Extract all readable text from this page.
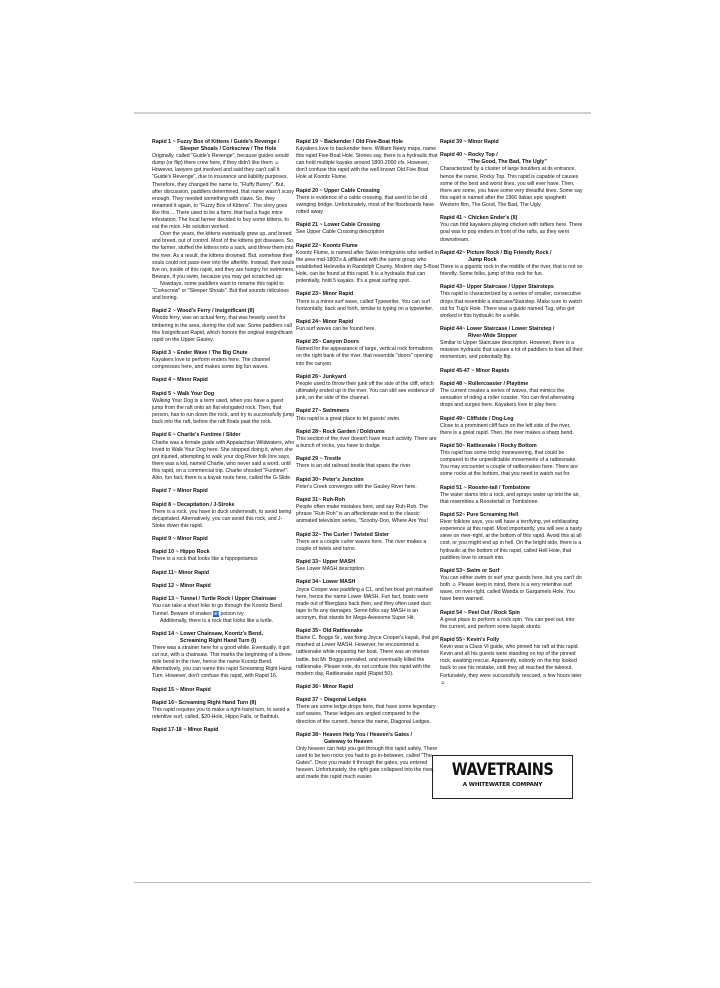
Rapid 1 ~ Fuzzy Box of Kittens / Guide's Revenge /
Sleeper Shoals / Corkscrew / The Hole

Originally, called "Guide's Revenge", because guides would dump (or flip) there crew here, if they didn't like them ☺ However, lawyers got involved and said they can't call it "Guide's Revenge", due to insurance and liability purposes. Therefore, they changed the name to, "Fluffy Bunny". But, after discussion, paddlers determined, that name wasn't scary enough. They needed something with claws. So, they renamed it again, to "Fuzzy Box of Kittens". The story goes like this… There used to be a farm, that had a huge mice infestation. The local farmer decided to buy some kittens, to eat the mice. His solution worked.

Over the years, the kittens eventually grew up, and breed and breed, out of control. Most of the kittens got diseases. So, the farmer, stuffed the kittens into a sack, and threw them into the river. As a result, the kittens drowned. But, somehow their souls could not pass-over into the afterlife. Instead, their souls live on, inside of this rapid, and they are hungry for swimmers. Beware, if you swim, because you may get scratched up.

Nowdays, some paddlers want to rename this rapid to "Corkscrew" or "Sleeper Shoals". But that sounds ridiculous and boring.

Rapid 2 ~ Wood's Ferry / Insignificant (II)

Woods ferry, was an actual ferry, that was heavily used for timbering in the area, during the civil war. Some paddlers call this Insignificant Rapid, which honors the original insignificant rapid on the Upper Gauley.

Rapid 3 ~ Ender Wave / The Big Chute

Kayakers love to perform enders here. The channel compresses here, and makes some big fun waves.

Rapid 4 ~ Minor Rapid
Rapid 5 ~ Walk Your Dog

Walking Your Dog is a term used, when you have a guest jump from the raft onto an flat elongated rock. Then, that person, has to run down the rock, and try to successfully jump back into the raft, before the raft floats past the rock.

Rapid 6 ~ Charlie's Funtime / Slider

Charlie was a female guide with Appalachian Wildwaters, who loved to Walk Your Dog here. She stopped doing it, when she got injuried, attempting to walk your dog.River folk lore says, there was a kid, named Charlie, who never said a word, until this rapid, on a commercial trip. Charlie shouted "Funtime!". Also, fun fact, there is a kayak route here, called the G-Slide.

Rapid 7 ~ Minor Rapid
Rapid 8 ~ Decapitation / J-Stroke

There is a rock, you have to duck underneath, to avoid being decapitated. Alternatively, you can avoid this rock, and J-Stoke down this rapid.

Rapid 9 ~ Minor Rapid
Rapid 10 ~ Hippo Rock

There is a rock that looks like a hippopotamus

Rapid 11~ Minor Rapid
Rapid 12 ~ Minor Rapid
Rapid 13 ~ Tunnel / Turtle Rock / Upper Chainsaw

You can take a short hike to go through the Koontz Bend Tunnel. Beware of snakes an poison ivy

Additionally, there is a rock that looks like a turtle.

Rapid 14 ~ Lower Chainsaw, Koontz's Bend,
Screaming Right Hand Turn (I)

There was a strainer here for a good while. Eventually, it got cut out, with a chainsaw. This marks the beginning of a three-mile bend in the river, hence the name Koontz Bend. Alternatively, you can name this rapid Screaming Right Hand Turn. However, don't confuse this rapid, with Rapid 16.

Rapid 15 ~ Minor Rapid
Rapid 16~ Screaming Right Hand Turn (II)

This rapid requires you to make a right-hand turn, to avoid a retentive surf, called, $20-Hole, Hippo Falls, or Bathtub.

Rapid 17-18 ~ Minor Rapid
Rapid 19 ~ Backender / Old Five-Boat Hole

Kayakers love to backender here. William Neely maps, name this rapid Five-Boat Hole. Stories say, there is a hydraulic that can hold multiple kayaks around 1800-2000 cfs. However, don't confuse this rapid with the well known Old Five Boat Hole at Koontz Flume.

Rapid 20 ~ Upper Cable Crossing

There is evidence of a cable crossing, that used to be old swinging bridge. Unfortunately, most of the floorboards have rotted away.

Rapid 21 ~ Lower Cable Crossing

See Upper Cable Crossing description

Rapid 22~ Koontz Flume

Koontz Flume, is named after Swiss immigrants who settled in the area mid-1800's & affiliated with the same group who established Helevetia in Randolph County. Modern day 5-Boat Hole, can be found at this rapid. It is a hydraulic that can potentially, hold 5 kayaks. It's a great surfing spot.

Rapid 23~ Minor Rapid

There is a minor surf wave, called Typewriter. You can surf horizontally, back and forth, similar to typing on a typewriter.

Rapid 24~ Minor Rapid

Fun surf waves can be found here.

Rapid 25~ Canyon Doors

Named for the appearance of large, vertical rock formations on the right bank of the river, that resemble "doors" opening into the canyon

Rapid 26~ Junkyard

People used to throw their junk off the side of the cliff, which ultimately ended up in the river. You can still see evidence of junk, on the side of the channel.

Rapid 27~ Swimmers

This rapid is a great place to let guests' swim.

Rapid 28~ Rock Garden / Doldrums

This section of the river doesn't have much activity. There are a bunch of rocks, you have to dodge.

Rapid 29 ~ Trestle

There is an old railroad trestle that spans the river.

Rapid 30~ Peter's Junction

Peter's Creek converges with the Gauley River here.

Rapid 31~ Ruh-Roh

People often make mistakes here, and say Ruh-Roh. The phrase "Ruh Roh" is an affectionate nod to the classic animated television series, "Scooby-Doo, Where Are You!

Rapid 32~ The Curler / Twisted Sister

There are a couple curler waves here. The river makes a couple of twists and turns.

Rapid 33~ Upper MASH

See Lower MASH description.

Rapid 34~ Lower MASH

Joyce Cooper was paddling a C1, and her boat got mashed here, hence the name Lower MASH. Fun fact, boats were made out of fiberglass back then, and they often used duct tape to fix any damages. Some folks say MASH is an acronym, that stands for Mega-Awesome Super Hit.

Rapid 35~ Old Rattlesnake

Blaine C. Boggs Sr., was fixing Joyce Cooper's kayak, that got mashed at Lower MASH. However, he encountered a rattlesnake while repairing her boat. There was an intense battle, but Mr. Boggs prevailed, and eventually killed the rattlesnake. Please note, do not confuse this rapid with the modern day, Rattlesnake rapid (Rapid 50).

Rapid 36~ Minor Rapid
Rapid 37 ~ Diagonal Ledges

There are some ledge drops here, that have some legendary surf waves. These ledges are angled compared to the direction of the current, hence the name, Diagonal Ledges.

Rapid 38~ Heaven Help You / Heaven's Gates /
Gateway to Heaven

Only heaven can help you get through this rapid safely. There used to be two rocks you had to go in-between, called "The Gates". Once you made it through the gates, you entered heaven. Unfortunately, the right gate collapsed into the river, and made this rapid much easier.

Rapid 39 ~ Minor Rapid
Rapid 40 ~ Rocky Top /
"The Good, The Bad, The Ugly"

Characterized by a cluster of large boulders at its entrance, hence the name, Rocky Top. This rapid is capable of causes some of the best and worst lines, you will ever have. Then, there are some, you have some very dreadful lines. Some say this rapid is named after the 1966 Italian epic spaghetti Western film, The Good, The Bad, The Ugly.

Rapid 41 ~ Chicken Ender's (II)

You can find kayakers playing chicken with rafters here. There goal was to pop enders in front of the rafts, as they went downstream.

Rapid 42~ Picture Rock / Big Friendly Rock /
Jump Rock

There is a gigantic rock in the middle of the river, that is not so friendly. Some folks, jump of this rock for fun.

Rapid 43~ Upper Staircase / Upper Stairsteps

This rapid is characterized by a series of smaller, consecutive drops that resemble a staircase/Stairstep. Make sure to watch out for Tug's Hole. There was a guide named Tug, who got worked in this hydraulic for a while.

Rapid 44~ Lower Staircase / Lower Stairstep /
River-Wide Stopper

Similar to Upper Staircase description. However, there is a massive hydraulic that causes a lot of paddlers to lose all their momentum, and potentially flip.

Rapid 45-47 ~ Minor Rapids
Rapid 48 ~ Rollercoaster / Playtime

The current creates a series of waves, that mimics the sensation of riding a roller coaster. You can find alternating drops and surges here. Kayakers love to play here.

Rapid 49~ Cliffside / Dog-Leg

Close to a prominent cliff face on the left side of the river, there is a great rapid. Then, the river makes a sharp bend.

Rapid 50~ Rattlesnake / Rocky Bottom

This rapid has some tricky maneuvering, that could be compared to the unpredictable movements of a rattlesnake. You may encounter a couple of rattlesnakes here. There are some rocks at the bottom, that you need to watch out for.

Rapid 51 ~ Rooster-tail / Tombstone

The water slams into a rock, and sprays water up into the air, that resembles a Roostertail or Tombstone.

Rapid 52~ Pure Screaming Hell

River folklore says, you will have a terrifying, yet exhilarating experience at this rapid. Most importantly, you will see a nasty sieve on river-right, at the bottom of this rapid. Avoid this at all cost, or you might end up in hell. On the bright side, there is a hydraulic at the bottom of this rapid, called Hell Hole, that paddlers love to smash into.

Rapid 53~ Swim or Surf

You can either swim or surf your guests here. but you can't do both ☺ Please keep in mind, there is a very retentive surf wave, on river-right, called Wanda or Gargamels Hole. You have been warned.

Rapid 54 ~ Peel Out / Rock Spin

A great place to perform a rock spin. You can peel out, into the current, and perform some kayak stunts.

Rapid 55~ Kevin's Folly

Kevin was a Class VI guide, who pinned his raft at this rapid. Kevin and all his guests were standing on top of the pinned rock, awaiting rescue. Apparently, nobody on the trip looked back to see his mistake, until they all reached the takeout. Fortunately, they were successfully rescued, a few hours later ☺

WAVETRAINS
A WHITEWATER COMPANY
